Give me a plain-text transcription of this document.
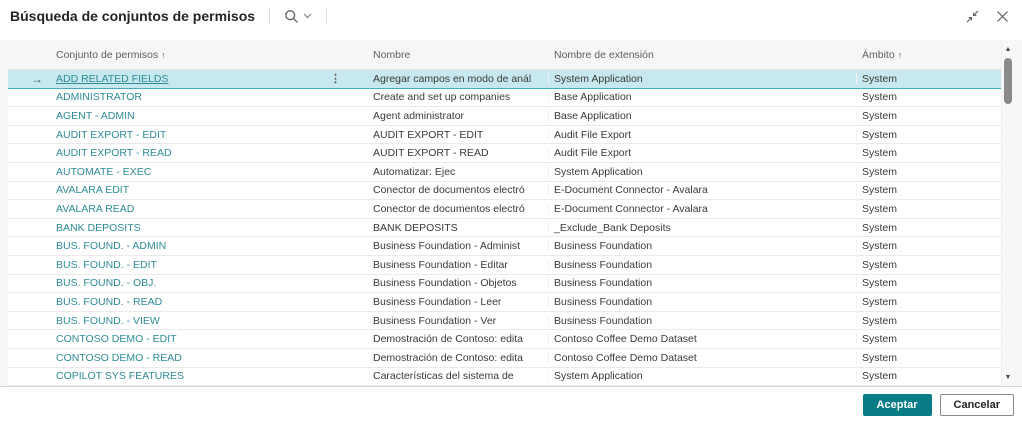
Búsqueda de conjuntos de permisos
Conjunto de permisos ↑	Nombre	Nombre de extensión	Ámbito ↑
→	ADD RELATED FIELDS	⋮	Agregar campos en modo de anál	System Application	System
ADMINISTRATOR	Create and set up companies	Base Application	System
AGENT - ADMIN	Agent administrator	Base Application	System
AUDIT EXPORT - EDIT	AUDIT EXPORT - EDIT	Audit File Export	System
AUDIT EXPORT - READ	AUDIT EXPORT - READ	Audit File Export	System
AUTOMATE - EXEC	Automatizar: Ejec	System Application	System
AVALARA EDIT	Conector de documentos electró	E-Document Connector - Avalara	System
AVALARA READ	Conector de documentos electró	E-Document Connector - Avalara	System
BANK DEPOSITS	BANK DEPOSITS	_Exclude_Bank Deposits	System
BUS. FOUND. - ADMIN	Business Foundation - Administ	Business Foundation	System
BUS. FOUND. - EDIT	Business Foundation - Editar	Business Foundation	System
BUS. FOUND. - OBJ.	Business Foundation - Objetos	Business Foundation	System
BUS. FOUND. - READ	Business Foundation - Leer	Business Foundation	System
BUS. FOUND. - VIEW	Business Foundation - Ver	Business Foundation	System
CONTOSO DEMO - EDIT	Demostración de Contoso: edita	Contoso Coffee Demo Dataset	System
CONTOSO DEMO - READ	Demostración de Contoso: edita	Contoso Coffee Demo Dataset	System
COPILOT SYS FEATURES	Características del sistema de	System Application	System
▲
▼
Aceptar	Cancelar
